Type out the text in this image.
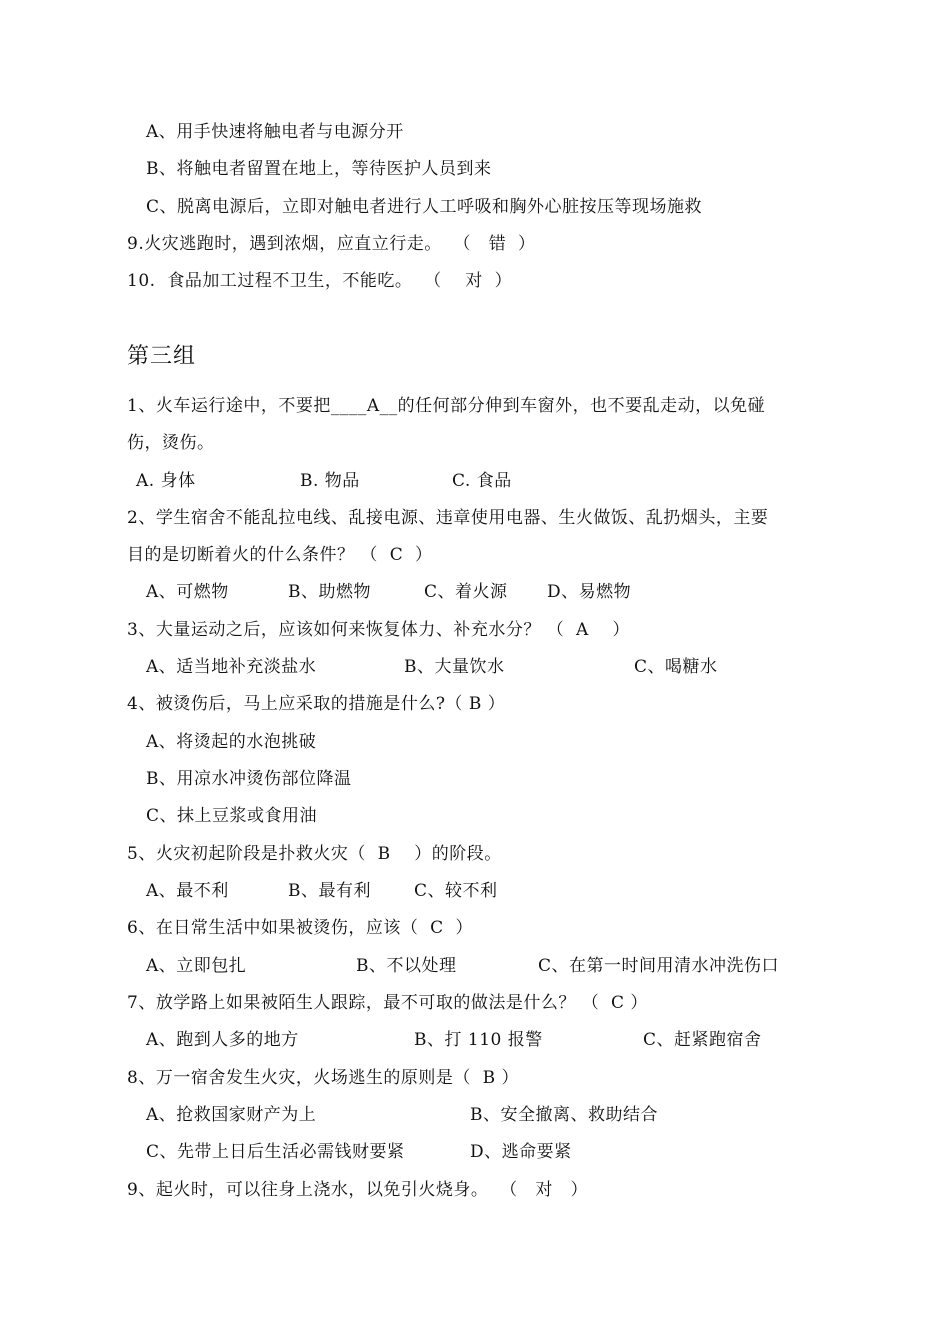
A、用手快速将触电者与电源分开
B、将触电者留置在地上，等待医护人员到来
C、脱离电源后，立即对触电者进行人工呼吸和胸外心脏按压等现场施救
9.火灾逃跑时，遇到浓烟，应直立行走。  （   错  ）
10.  食品加工过程不卫生，不能吃。  （    对  ）
第三组
1、火车运行途中，不要把____A__的任何部分伸到车窗外，也不要乱走动，以免碰
伤，烫伤。
A. 身体	B. 物品	C. 食品
2、学生宿舍不能乱拉电线、乱接电源、违章使用电器、生火做饭、乱扔烟头，主要
目的是切断着火的什么条件？ （  C  ）
A、可燃物	B、助燃物	C、着火源 D、易燃物
3、大量运动之后，应该如何来恢复体力、补充水分？ （  A    ）
A、适当地补充淡盐水	B、大量饮水	C、喝糖水
4、被烫伤后，马上应采取的措施是什么?（ B ）
A、将烫起的水泡挑破
B、用凉水冲烫伤部位降温
C、抹上豆浆或食用油
5、火灾初起阶段是扑救火灾（  B    ）的阶段。
A、最不利	B、最有利	C、较不利
6、在日常生活中如果被烫伤，应该（  C  ）
A、立即包扎	B、不以处理	C、在第一时间用清水冲洗伤口
7、放学路上如果被陌生人跟踪，最不可取的做法是什么？ （  C ）
A、跑到人多的地方	B、打 110 报警	C、赶紧跑宿舍
8、万一宿舍发生火灾，火场逃生的原则是（  B ）
A、抢救国家财产为上	B、安全撤离、救助结合
C、先带上日后生活必需钱财要紧	D、逃命要紧
9、起火时，可以往身上浇水，以免引火烧身。  （   对   ）
